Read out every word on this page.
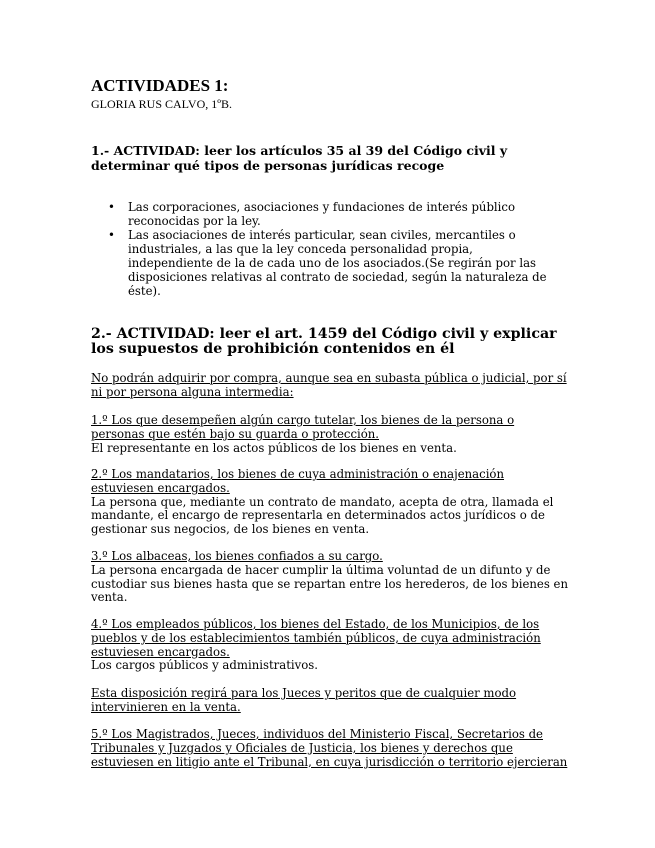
ACTIVIDADES 1:
GLORIA RUS CALVO, 1ºB.
1.- ACTIVIDAD: leer los artículos 35 al 39 del Código civil y determinar qué tipos de personas jurídicas recoge
• Las corporaciones, asociaciones y fundaciones de interés público reconocidas por la ley.
• Las asociaciones de interés particular, sean civiles, mercantiles o industriales, a las que la ley conceda personalidad propia, independiente de la de cada uno de los asociados.(Se regirán por las disposiciones relativas al contrato de sociedad, según la naturaleza de éste).
2.- ACTIVIDAD: leer el art. 1459 del Código civil y explicar los supuestos de prohibición contenidos en él
No podrán adquirir por compra, aunque sea en subasta pública o judicial, por sí ni por persona alguna intermedia:
1.º Los que desempeñen algún cargo tutelar, los bienes de la persona o personas que estén bajo su guarda o protección.
El representante en los actos públicos de los bienes en venta.
2.º Los mandatarios, los bienes de cuya administración o enajenación estuviesen encargados.
La persona que, mediante un contrato de mandato, acepta de otra, llamada el mandante, el encargo de representarla en determinados actos jurídicos o de gestionar sus negocios, de los bienes en venta.
3.º Los albaceas, los bienes confiados a su cargo.
La persona encargada de hacer cumplir la última voluntad de un difunto y de custodiar sus bienes hasta que se repartan entre los herederos, de los bienes en venta.
4.º Los empleados públicos, los bienes del Estado, de los Municipios, de los pueblos y de los establecimientos también públicos, de cuya administración estuviesen encargados.
Los cargos públicos y administrativos.
Esta disposición regirá para los Jueces y peritos que de cualquier modo intervinieren en la venta.
5.º Los Magistrados, Jueces, individuos del Ministerio Fiscal, Secretarios de Tribunales y Juzgados y Oficiales de Justicia, los bienes y derechos que estuviesen en litigio ante el Tribunal, en cuya jurisdicción o territorio ejercieran
